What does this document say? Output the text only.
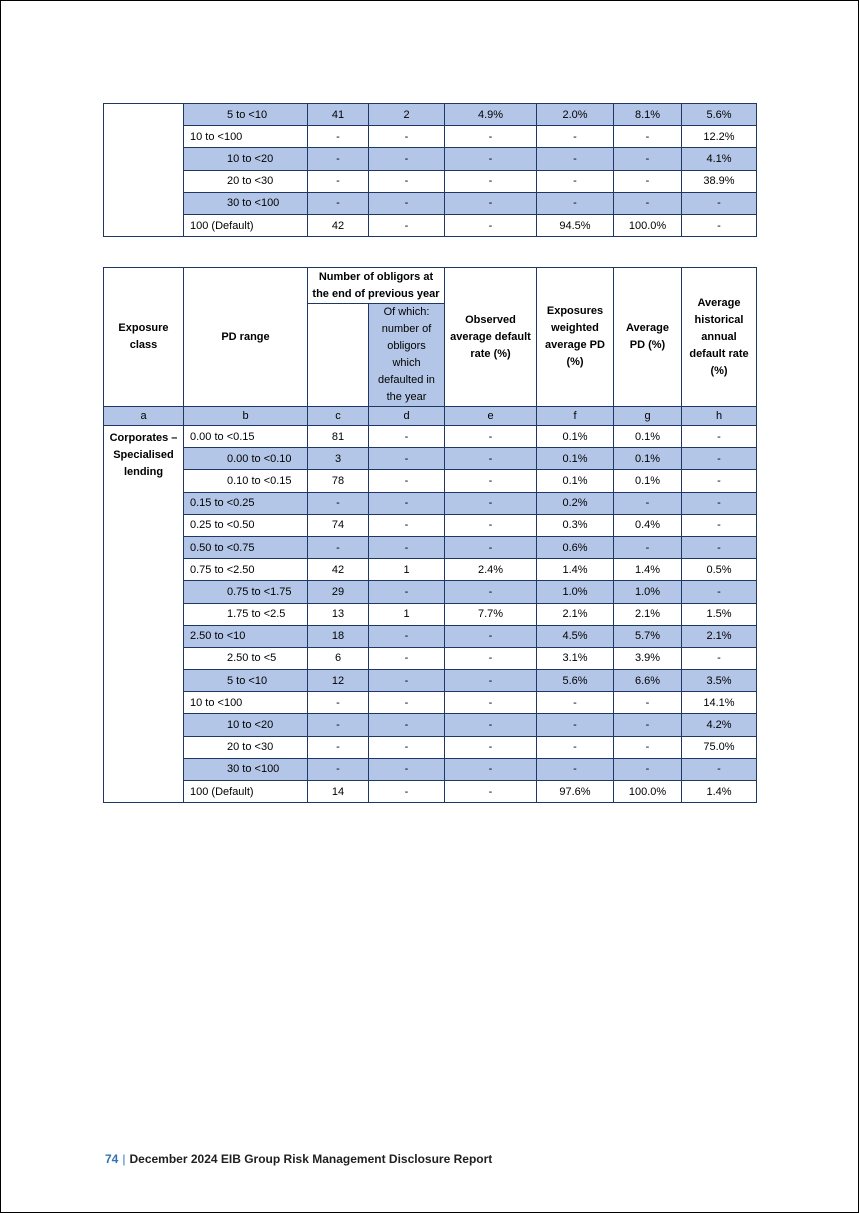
	5 to <10	41	2	4.9%	2.0%	8.1%	5.6%
	10 to <100	-	-	-	-	-	12.2%
	10 to <20	-	-	-	-	-	4.1%
	20 to <30	-	-	-	-	-	38.9%
	30 to <100	-	-	-	-	-	-
	100 (Default)	42	-	-	94.5%	100.0%	-
Exposure class	PD range	Number of obligors at the end of previous year		Observed average default rate (%)	Exposures weighted average PD (%)	Average PD (%)	Average historical annual default rate (%)
			Of which: number of obligors which defaulted in the year				
a	b	c	d	e	f	g	h
Corporates – Specialised lending	0.00 to <0.15	81	-	-	0.1%	0.1%	-
	0.00 to <0.10	3	-	-	0.1%	0.1%	-
	0.10 to <0.15	78	-	-	0.1%	0.1%	-
	0.15 to <0.25	-	-	-	0.2%	-	-
	0.25 to <0.50	74	-	-	0.3%	0.4%	-
	0.50 to <0.75	-	-	-	0.6%	-	-
	0.75 to <2.50	42	1	2.4%	1.4%	1.4%	0.5%
	0.75 to <1.75	29	-	-	1.0%	1.0%	-
	1.75 to <2.5	13	1	7.7%	2.1%	2.1%	1.5%
	2.50 to <10	18	-	-	4.5%	5.7%	2.1%
	2.50 to <5	6	-	-	3.1%	3.9%	-
	5 to <10	12	-	-	5.6%	6.6%	3.5%
	10 to <100	-	-	-	-	-	14.1%
	10 to <20	-	-	-	-	-	4.2%
	20 to <30	-	-	-	-	-	75.0%
	30 to <100	-	-	-	-	-	-
	100 (Default)	14	-	-	97.6%	100.0%	1.4%
74 | December 2024 EIB Group Risk Management Disclosure Report
